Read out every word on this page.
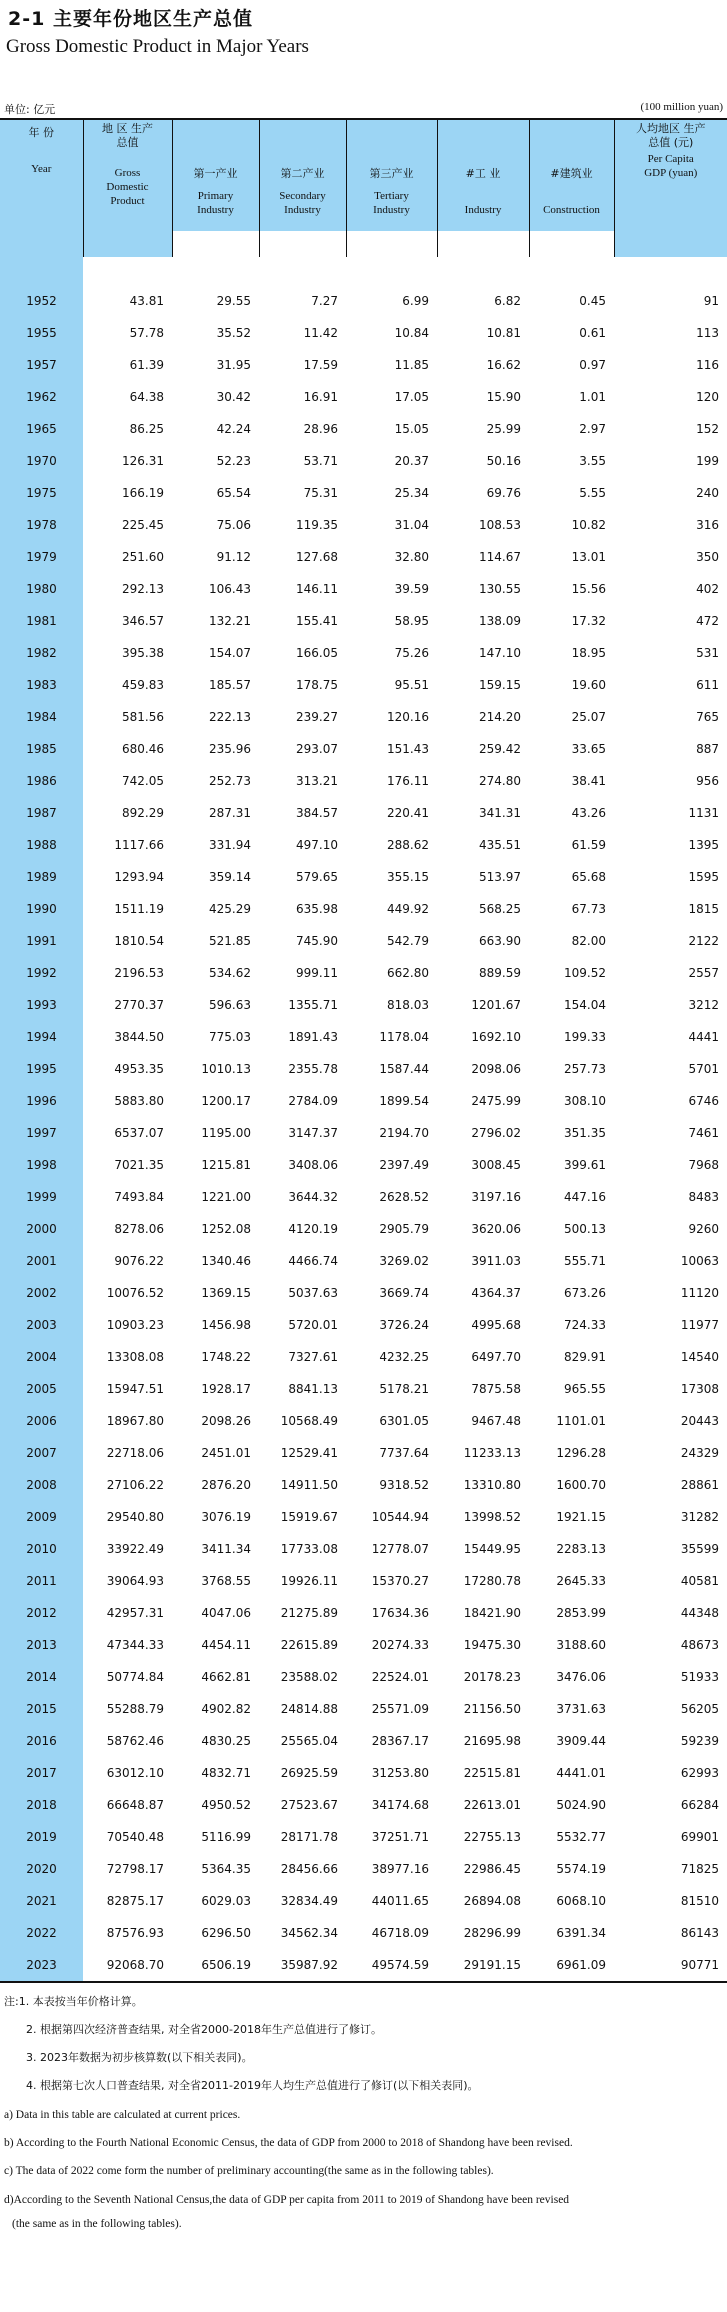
2-1 主要年份地区生产总值
Gross Domestic Product in Major Years
单位: 亿元	(100 million yuan)
年 份
Year	地 区 生产总值
Gross Domestic Product						人均地区 生产总值 (元)
Per Capita GDP (yuan)

		第一产业
Primary Industry	第二产业
Secondary Industry	第三产业
Tertiary Industry	#工 业
Industry	#建筑业
Construction	

1952	43.81	29.55	7.27	6.99	6.82	0.45	91
1955	57.78	35.52	11.42	10.84	10.81	0.61	113
1957	61.39	31.95	17.59	11.85	16.62	0.97	116
1962	64.38	30.42	16.91	17.05	15.90	1.01	120
1965	86.25	42.24	28.96	15.05	25.99	2.97	152
1970	126.31	52.23	53.71	20.37	50.16	3.55	199
1975	166.19	65.54	75.31	25.34	69.76	5.55	240
1978	225.45	75.06	119.35	31.04	108.53	10.82	316
1979	251.60	91.12	127.68	32.80	114.67	13.01	350
1980	292.13	106.43	146.11	39.59	130.55	15.56	402
1981	346.57	132.21	155.41	58.95	138.09	17.32	472
1982	395.38	154.07	166.05	75.26	147.10	18.95	531
1983	459.83	185.57	178.75	95.51	159.15	19.60	611
1984	581.56	222.13	239.27	120.16	214.20	25.07	765
1985	680.46	235.96	293.07	151.43	259.42	33.65	887
1986	742.05	252.73	313.21	176.11	274.80	38.41	956
1987	892.29	287.31	384.57	220.41	341.31	43.26	1131
1988	1117.66	331.94	497.10	288.62	435.51	61.59	1395
1989	1293.94	359.14	579.65	355.15	513.97	65.68	1595
1990	1511.19	425.29	635.98	449.92	568.25	67.73	1815
1991	1810.54	521.85	745.90	542.79	663.90	82.00	2122
1992	2196.53	534.62	999.11	662.80	889.59	109.52	2557
1993	2770.37	596.63	1355.71	818.03	1201.67	154.04	3212
1994	3844.50	775.03	1891.43	1178.04	1692.10	199.33	4441
1995	4953.35	1010.13	2355.78	1587.44	2098.06	257.73	5701
1996	5883.80	1200.17	2784.09	1899.54	2475.99	308.10	6746
1997	6537.07	1195.00	3147.37	2194.70	2796.02	351.35	7461
1998	7021.35	1215.81	3408.06	2397.49	3008.45	399.61	7968
1999	7493.84	1221.00	3644.32	2628.52	3197.16	447.16	8483
2000	8278.06	1252.08	4120.19	2905.79	3620.06	500.13	9260
2001	9076.22	1340.46	4466.74	3269.02	3911.03	555.71	10063
2002	10076.52	1369.15	5037.63	3669.74	4364.37	673.26	11120
2003	10903.23	1456.98	5720.01	3726.24	4995.68	724.33	11977
2004	13308.08	1748.22	7327.61	4232.25	6497.70	829.91	14540
2005	15947.51	1928.17	8841.13	5178.21	7875.58	965.55	17308
2006	18967.80	2098.26	10568.49	6301.05	9467.48	1101.01	20443
2007	22718.06	2451.01	12529.41	7737.64	11233.13	1296.28	24329
2008	27106.22	2876.20	14911.50	9318.52	13310.80	1600.70	28861
2009	29540.80	3076.19	15919.67	10544.94	13998.52	1921.15	31282
2010	33922.49	3411.34	17733.08	12778.07	15449.95	2283.13	35599
2011	39064.93	3768.55	19926.11	15370.27	17280.78	2645.33	40581
2012	42957.31	4047.06	21275.89	17634.36	18421.90	2853.99	44348
2013	47344.33	4454.11	22615.89	20274.33	19475.30	3188.60	48673
2014	50774.84	4662.81	23588.02	22524.01	20178.23	3476.06	51933
2015	55288.79	4902.82	24814.88	25571.09	21156.50	3731.63	56205
2016	58762.46	4830.25	25565.04	28367.17	21695.98	3909.44	59239
2017	63012.10	4832.71	26925.59	31253.80	22515.81	4441.01	62993
2018	66648.87	4950.52	27523.67	34174.68	22613.01	5024.90	66284
2019	70540.48	5116.99	28171.78	37251.71	22755.13	5532.77	69901
2020	72798.17	5364.35	28456.66	38977.16	22986.45	5574.19	71825
2021	82875.17	6029.03	32834.49	44011.65	26894.08	6068.10	81510
2022	87576.93	6296.50	34562.34	46718.09	28296.99	6391.34	86143
2023	92068.70	6506.19	35987.92	49574.59	29191.15	6961.09	90771
注:1. 本表按当年价格计算。
2. 根据第四次经济普查结果, 对全省2000-2018年生产总值进行了修订。
3. 2023年数据为初步核算数(以下相关表同)。
4. 根据第七次人口普查结果, 对全省2011-2019年人均生产总值进行了修订(以下相关表同)。
a) Data in this table are calculated at current prices.
b) According to the Fourth National Economic Census, the data of GDP from 2000 to 2018 of Shandong have been revised.
c) The data of 2022 come form the number of preliminary accounting(the same as in the following tables).
d)According to the Seventh National Census,the data of GDP per capita from 2011 to 2019 of Shandong have been revised
(the same as in the following tables).
